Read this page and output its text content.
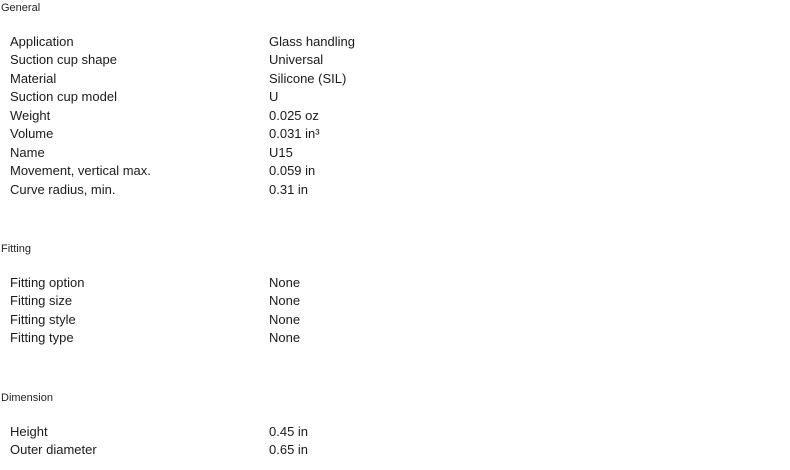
General
Application	Glass handling
Suction cup shape	Universal
Material	Silicone (SIL)
Suction cup model	U
Weight	0.025 oz
Volume	0.031 in³
Name	U15
Movement, vertical max.	0.059 in
Curve radius, min.	0.31 in
Fitting
Fitting option	None
Fitting size	None
Fitting style	None
Fitting type	None
Dimension
Height	0.45 in
Outer diameter	0.65 in
